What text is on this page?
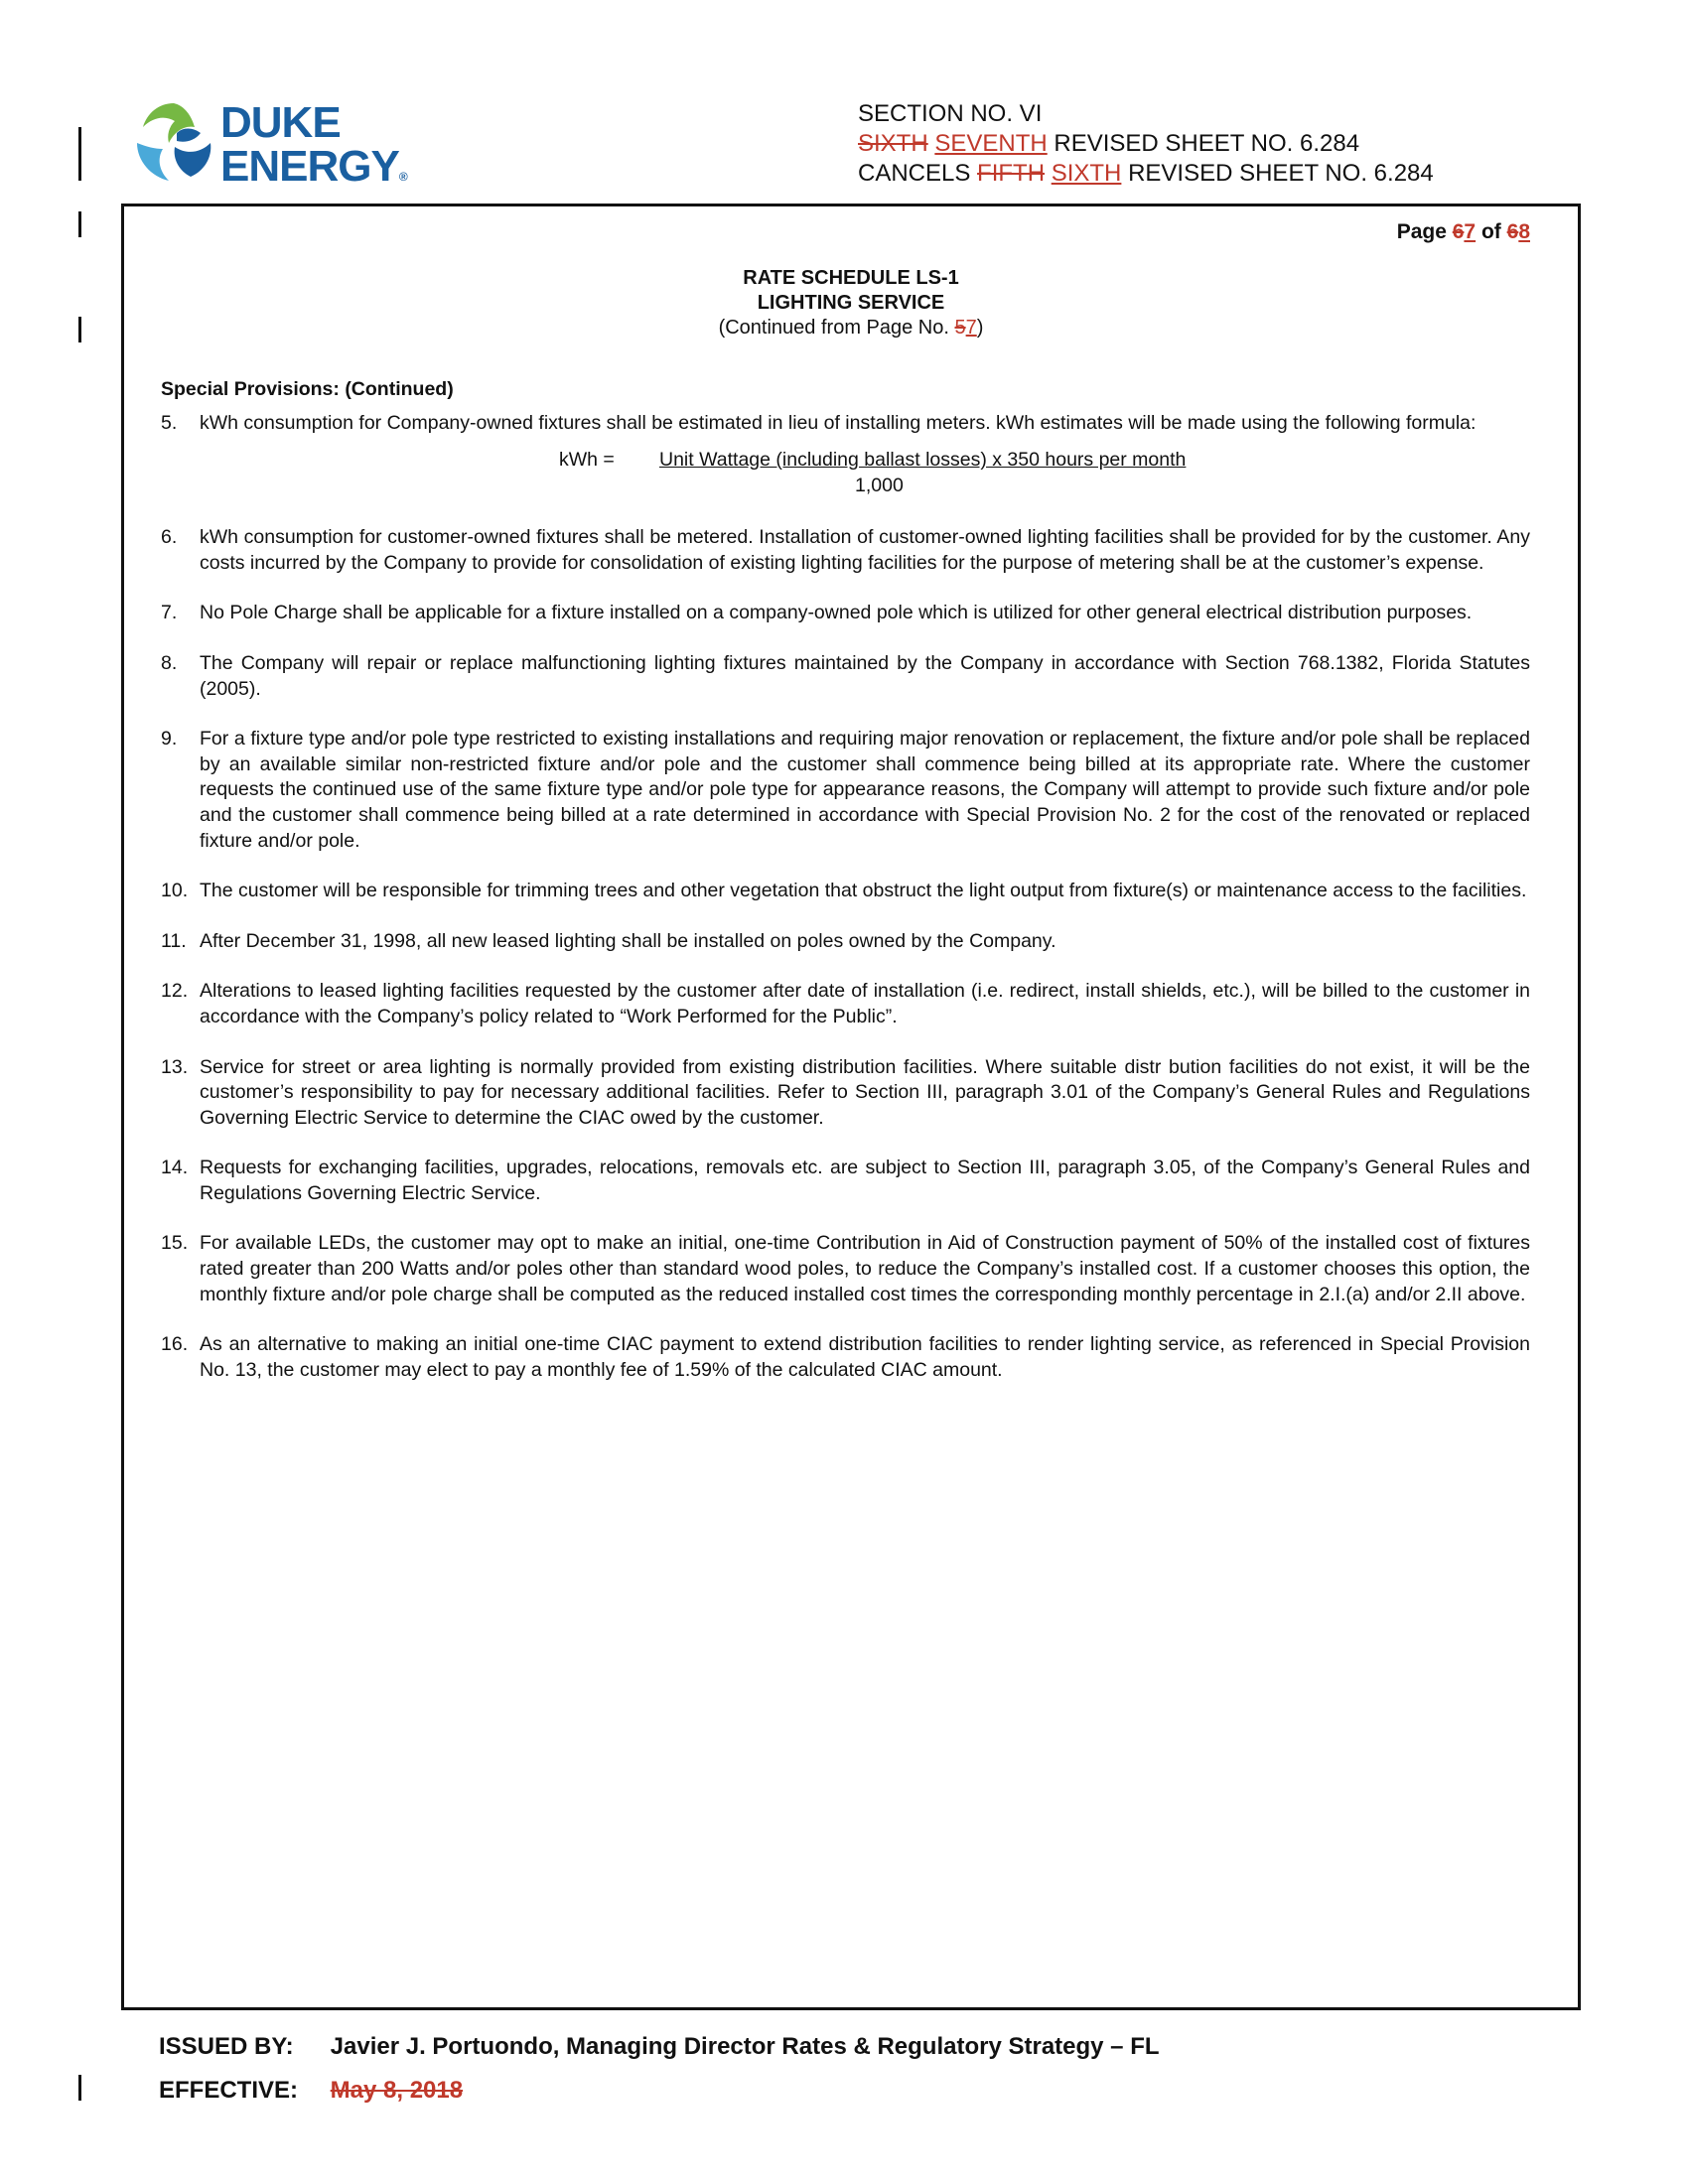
DUKE
ENERGY®
SECTION NO. VI
SIXTH SEVENTH REVISED SHEET NO. 6.284
CANCELS FIFTH SIXTH REVISED SHEET NO. 6.284
Page 67 of 68
RATE SCHEDULE LS-1
LIGHTING SERVICE
(Continued from Page No. 57)
Special Provisions: (Continued)
5. kWh consumption for Company-owned fixtures shall be estimated in lieu of installing meters. kWh estimates will be made using the following formula:
kWh = Unit Wattage (including ballast losses) x 350 hours per month
1,000
6. kWh consumption for customer-owned fixtures shall be metered. Installation of customer-owned lighting facilities shall be provided for by the customer. Any costs incurred by the Company to provide for consolidation of existing lighting facilities for the purpose of metering shall be at the customer’s expense.
7. No Pole Charge shall be applicable for a fixture installed on a company-owned pole which is utilized for other general electrical distribution purposes.
8. The Company will repair or replace malfunctioning lighting fixtures maintained by the Company in accordance with Section 768.1382, Florida Statutes (2005).
9. For a fixture type and/or pole type restricted to existing installations and requiring major renovation or replacement, the fixture and/or pole shall be replaced by an available similar non-restricted fixture and/or pole and the customer shall commence being billed at its appropriate rate. Where the customer requests the continued use of the same fixture type and/or pole type for appearance reasons, the Company will attempt to provide such fixture and/or pole and the customer shall commence being billed at a rate determined in accordance with Special Provision No. 2 for the cost of the renovated or replaced fixture and/or pole.
10. The customer will be responsible for trimming trees and other vegetation that obstruct the light output from fixture(s) or maintenance access to the facilities.
11. After December 31, 1998, all new leased lighting shall be installed on poles owned by the Company.
12. Alterations to leased lighting facilities requested by the customer after date of installation (i.e. redirect, install shields, etc.), will be billed to the customer in accordance with the Company’s policy related to “Work Performed for the Public”.
13. Service for street or area lighting is normally provided from existing distribution facilities. Where suitable distr bution facilities do not exist, it will be the customer’s responsibility to pay for necessary additional facilities. Refer to Section III, paragraph 3.01 of the Company’s General Rules and Regulations Governing Electric Service to determine the CIAC owed by the customer.
14. Requests for exchanging facilities, upgrades, relocations, removals etc. are subject to Section III, paragraph 3.05, of the Company’s General Rules and Regulations Governing Electric Service.
15. For available LEDs, the customer may opt to make an initial, one-time Contribution in Aid of Construction payment of 50% of the installed cost of fixtures rated greater than 200 Watts and/or poles other than standard wood poles, to reduce the Company’s installed cost. If a customer chooses this option, the monthly fixture and/or pole charge shall be computed as the reduced installed cost times the corresponding monthly percentage in 2.I.(a) and/or 2.II above.
16. As an alternative to making an initial one-time CIAC payment to extend distribution facilities to render lighting service, as referenced in Special Provision No. 13, the customer may elect to pay a monthly fee of 1.59% of the calculated CIAC amount.
ISSUED BY: Javier J. Portuondo, Managing Director Rates & Regulatory Strategy – FL
EFFECTIVE: May 8, 2018
